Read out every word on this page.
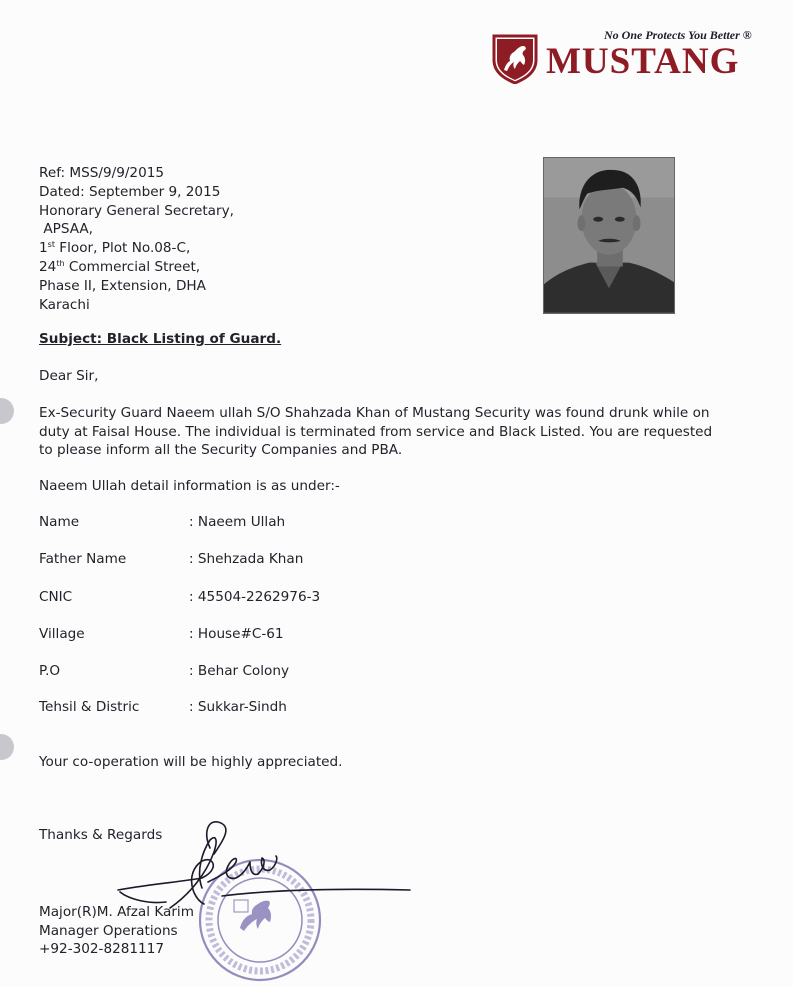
No One Protects You Better ®
MUSTANG
Ref: MSS/9/9/2015
Dated: September 9, 2015
Honorary General Secretary,
APSAA,
1st Floor, Plot No.08-C,
24th Commercial Street,
Phase II, Extension, DHA
Karachi
Subject: Black Listing of Guard.
Dear Sir,
Ex-Security Guard Naeem ullah S/O Shahzada Khan of Mustang Security was found drunk while on
duty at Faisal House. The individual is terminated from service and Black Listed. You are requested
to please inform all the Security Companies and PBA.
Naeem Ullah detail information is as under:-
Name	: Naeem Ullah
Father Name	: Shehzada Khan
CNIC	: 45504-2262976-3
Village	: House#C-61
P.O	: Behar Colony
Tehsil & Distric	: Sukkar-Sindh
Your co-operation will be highly appreciated.
Thanks & Regards
Major(R)M. Afzal Karim
Manager Operations
+92-302-8281117
